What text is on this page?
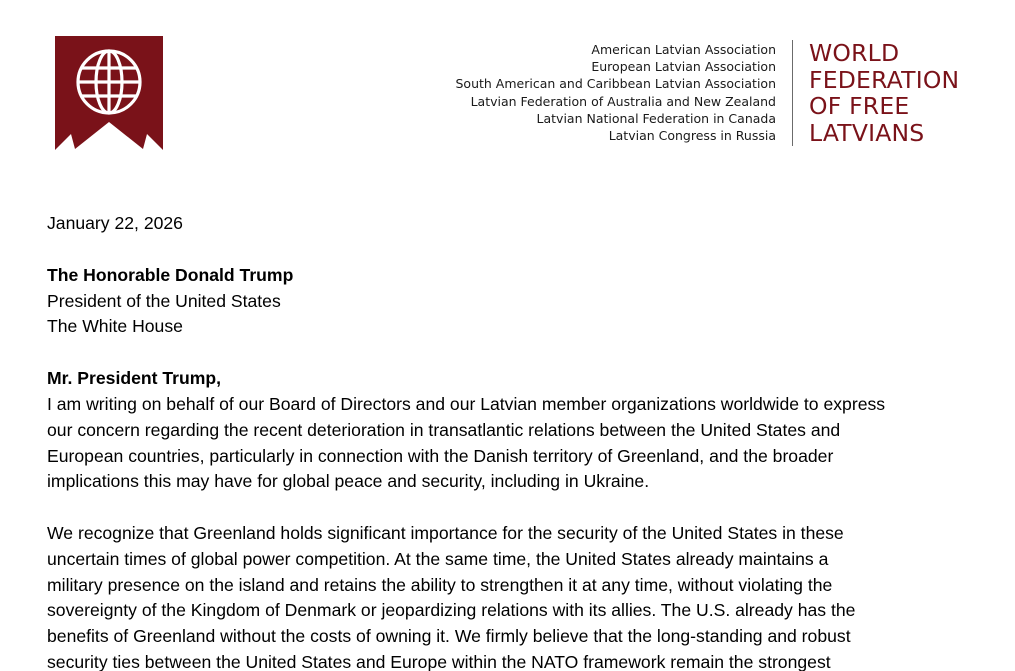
American Latvian Association
European Latvian Association
South American and Caribbean Latvian Association
Latvian Federation of Australia and New Zealand
Latvian National Federation in Canada
Latvian Congress in Russia
WORLD
FEDERATION
OF FREE
LATVIANS
January 22, 2026
The Honorable Donald Trump
President of the United States
The White House
Mr. President Trump,

I am writing on behalf of our Board of Directors and our Latvian member organizations worldwide to express
our concern regarding the recent deterioration in transatlantic relations between the United States and
European countries, particularly in connection with the Danish territory of Greenland, and the broader
implications this may have for global peace and security, including in Ukraine.

We recognize that Greenland holds significant importance for the security of the United States in these
uncertain times of global power competition. At the same time, the United States already maintains a
military presence on the island and retains the ability to strengthen it at any time, without violating the
sovereignty of the Kingdom of Denmark or jeopardizing relations with its allies. The U.S. already has the
benefits of Greenland without the costs of owning it. We firmly believe that the long-standing and robust
security ties between the United States and Europe within the NATO framework remain the strongest
